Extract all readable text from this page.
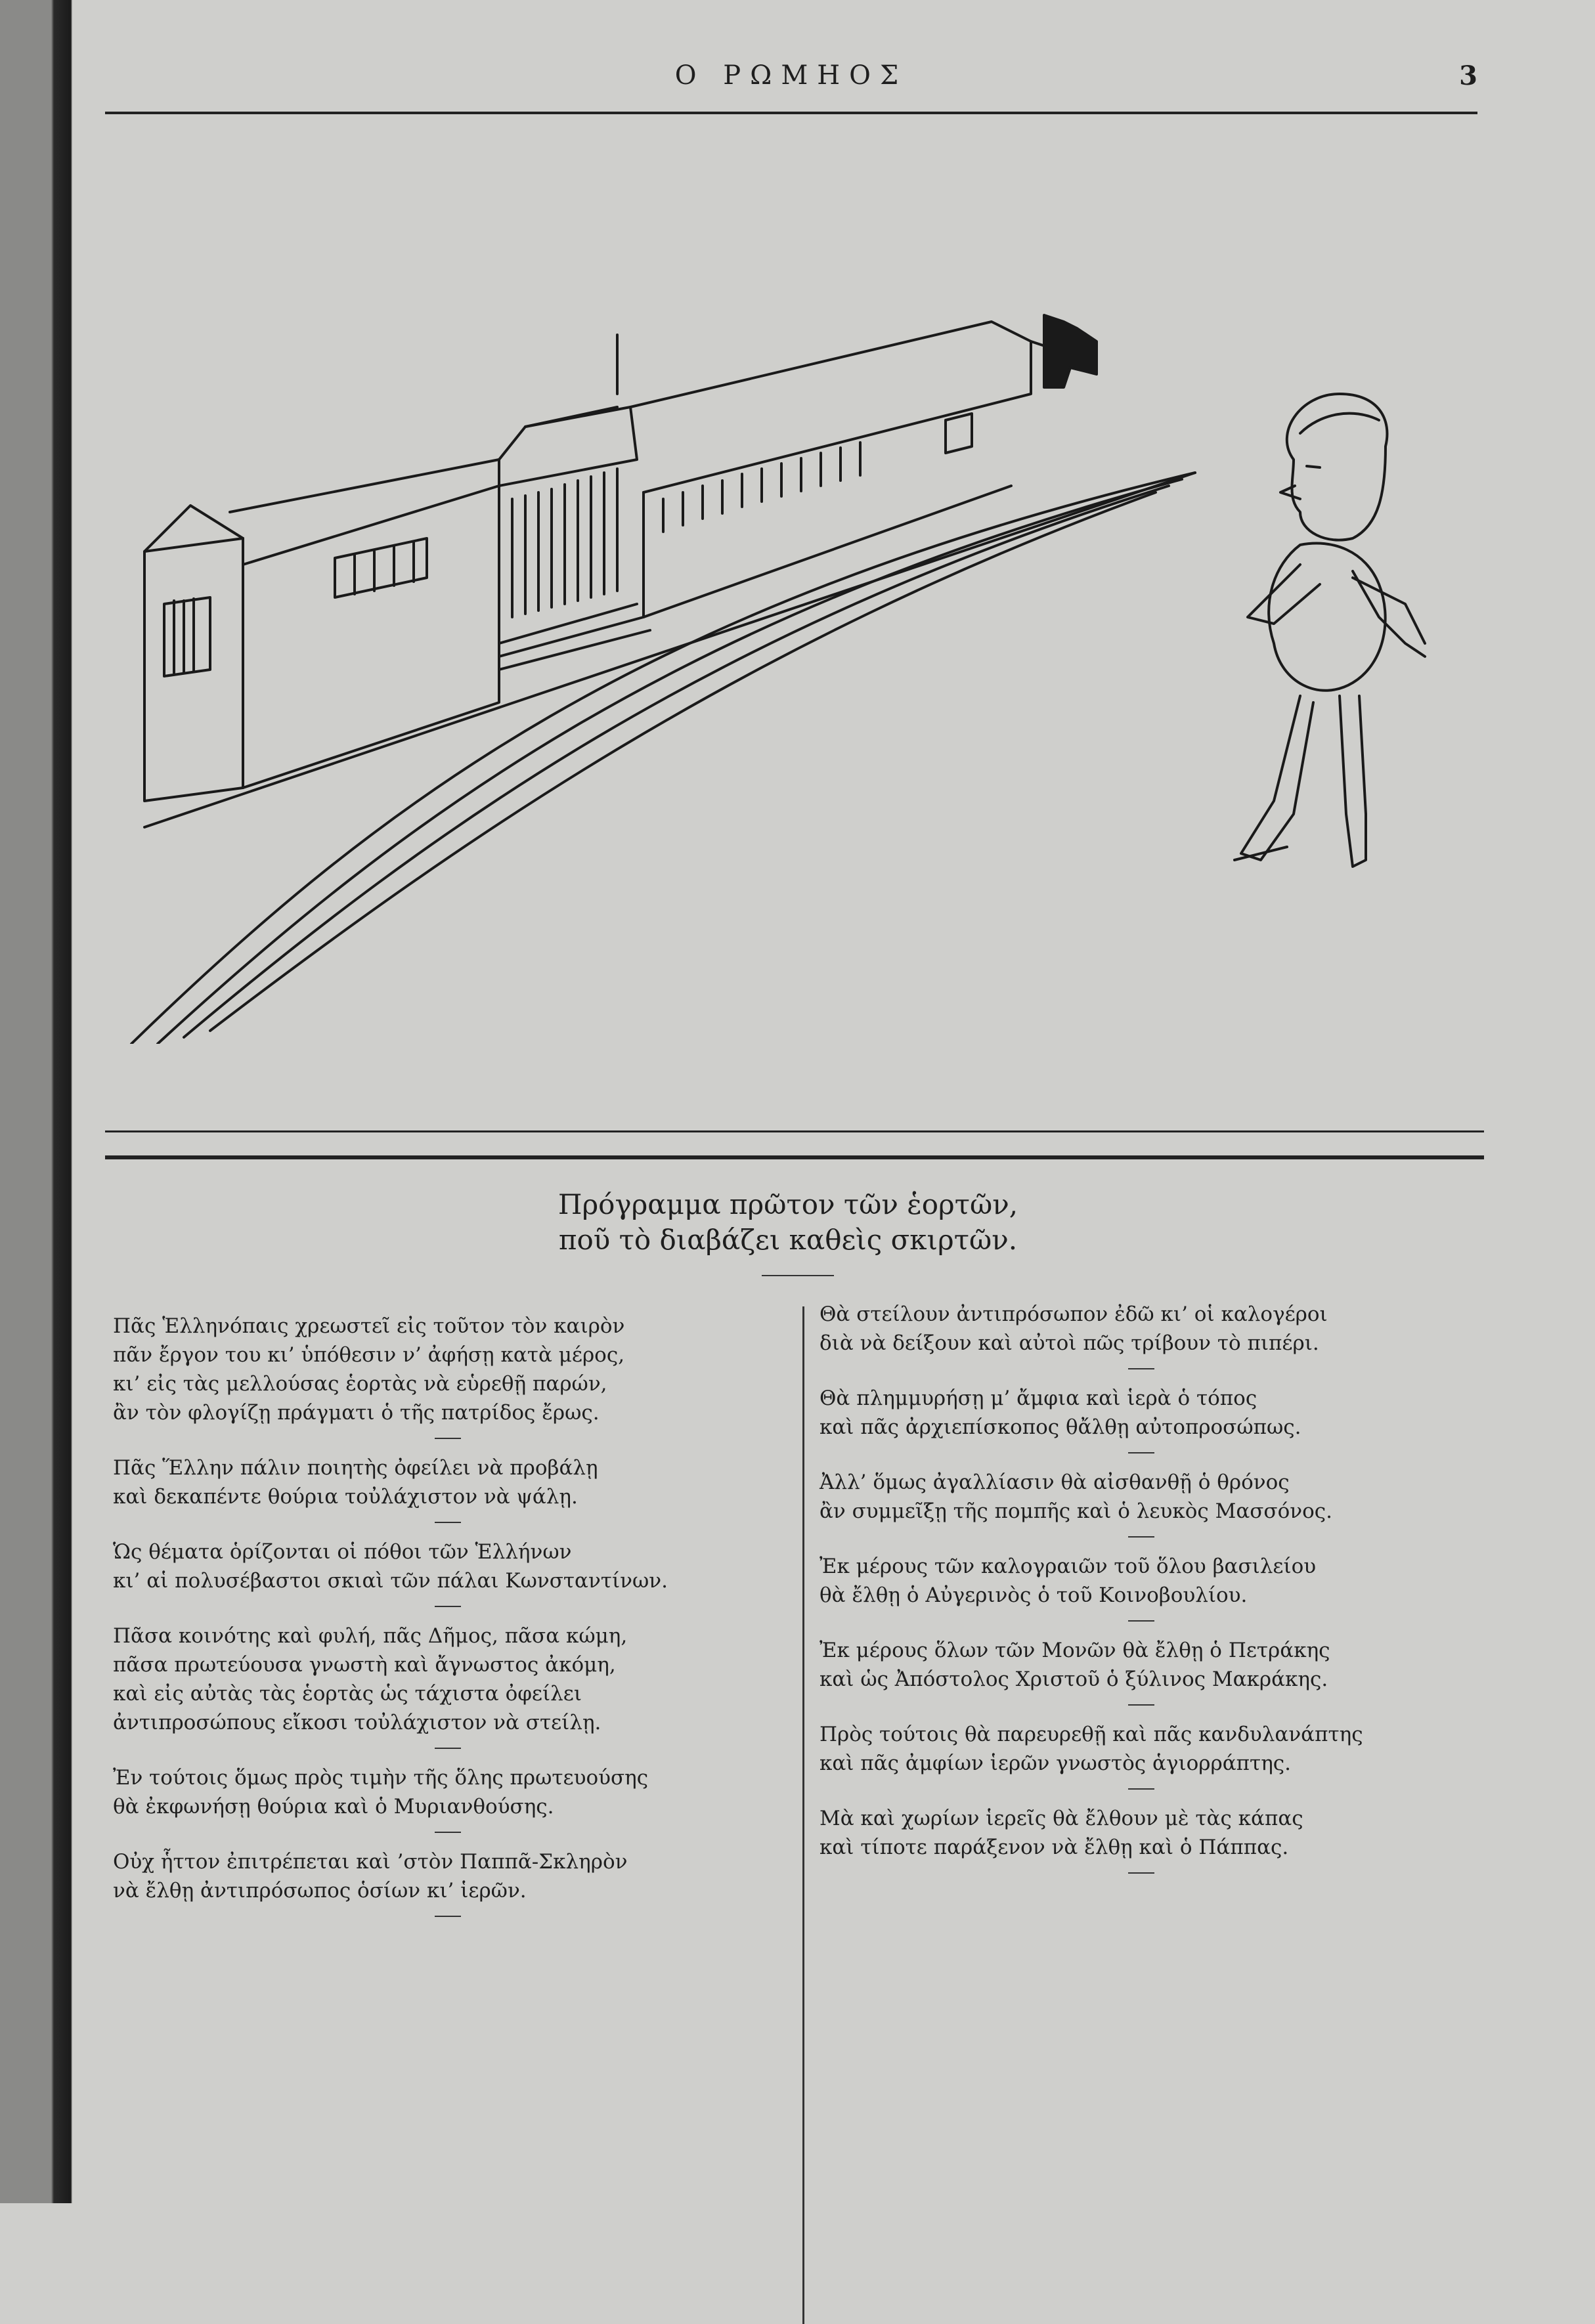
Ο ΡΩΜΗΟΣ	3
Πρόγραμμα πρῶτον τῶν ἑορτῶν,
ποῦ τὸ διαβάζει καθεὶς σκιρτῶν.

Πᾶς Ἑλληνόπαις χρεωστεῖ εἰς τοῦτον τὸν καιρὸν

πᾶν ἔργον του κι’ ὑπόθεσιν ν’ ἀφήσῃ κατὰ μέρος,

κι’ εἰς τὰς μελλούσας ἑορτὰς νὰ εὑρεθῇ παρών,

ἂν τὸν φλογίζῃ πράγματι ὁ τῆς πατρίδος ἔρως.

Πᾶς Ἕλλην πάλιν ποιητὴς ὀφείλει νὰ προβάλῃ

καὶ δεκαπέντε θούρια τοὐλάχιστον νὰ ψάλῃ.

Ὡς θέματα ὁρίζονται οἱ πόθοι τῶν Ἑλλήνων

κι’ αἱ πολυσέβαστοι σκιαὶ τῶν πάλαι Κωνσταντίνων.

Πᾶσα κοινότης καὶ φυλή, πᾶς Δῆμος, πᾶσα κώμη,

πᾶσα πρωτεύουσα γνωστὴ καὶ ἄγνωστος ἀκόμη,

καὶ εἰς αὐτὰς τὰς ἑορτὰς ὡς τάχιστα ὀφείλει

ἀντιπροσώπους εἴκοσι τοὐλάχιστον νὰ στείλῃ.

Ἐν τούτοις ὅμως πρὸς τιμὴν τῆς ὅλης πρωτευούσης

θὰ ἐκφωνήσῃ θούρια καὶ ὁ Μυριανθούσης.

Οὐχ ἧττον ἐπιτρέπεται καὶ ’στὸν Παππᾶ-Σκληρὸν

νὰ ἔλθῃ ἀντιπρόσωπος ὁσίων κι’ ἱερῶν.

Θὰ στείλουν ἀντιπρόσωπον ἐδῶ κι’ οἱ καλογέροι

διὰ νὰ δείξουν καὶ αὐτοὶ πῶς τρίβουν τὸ πιπέρι.

Θὰ πλημμυρήσῃ μ’ ἄμφια καὶ ἱερὰ ὁ τόπος

καὶ πᾶς ἀρχιεπίσκοπος θἄλθῃ αὐτοπροσώπως.

Ἀλλ’ ὅμως ἀγαλλίασιν θὰ αἰσθανθῇ ὁ θρόνος

ἂν συμμεῖξῃ τῆς πομπῆς καὶ ὁ λευκὸς Μασσόνος.

Ἐκ μέρους τῶν καλογραιῶν τοῦ ὅλου βασιλείου

θὰ ἔλθῃ ὁ Αὐγερινὸς ὁ τοῦ Κοινοβουλίου.

Ἐκ μέρους ὅλων τῶν Μονῶν θὰ ἔλθῃ ὁ Πετράκης

καὶ ὡς Ἀπόστολος Χριστοῦ ὁ ξύλινος Μακράκης.

Πρὸς τούτοις θὰ παρευρεθῇ καὶ πᾶς κανδυλανάπτης

καὶ πᾶς ἀμφίων ἱερῶν γνωστὸς ἁγιορράπτης.

Μὰ καὶ χωρίων ἱερεῖς θὰ ἔλθουν μὲ τὰς κάπας

καὶ τίποτε παράξενον νὰ ἔλθῃ καὶ ὁ Πάππας.
